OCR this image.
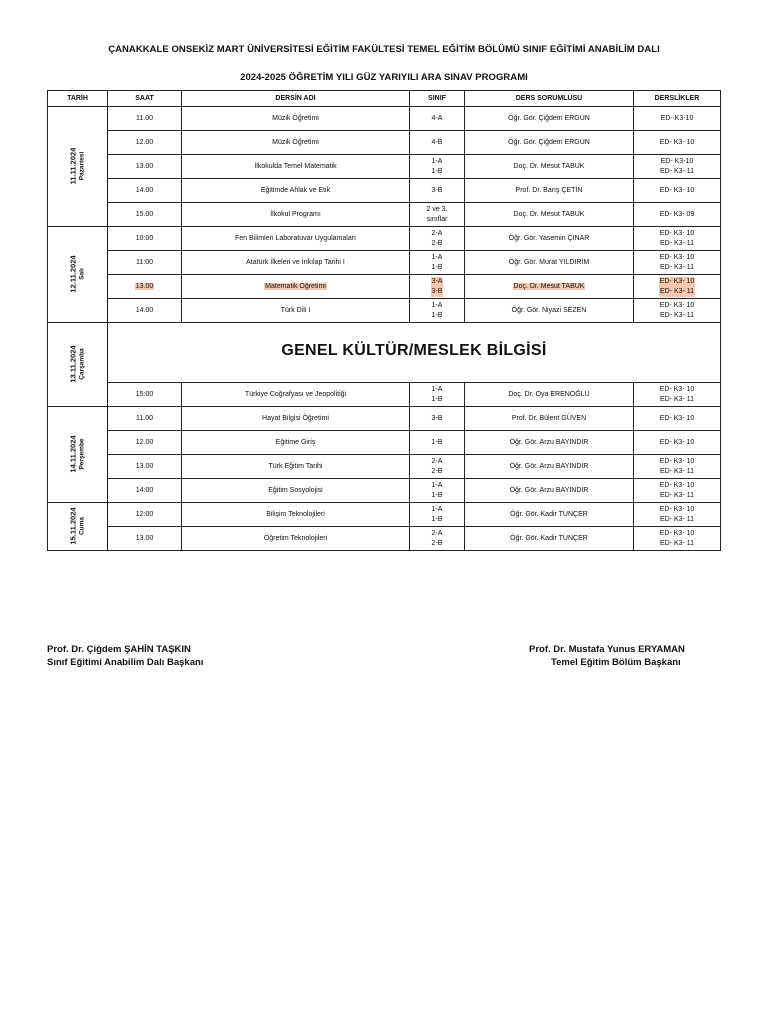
ÇANAKKALE ONSEKİZ MART ÜNİVERSİTESİ EĞİTİM FAKÜLTESİ TEMEL EĞİTİM BÖLÜMÜ SINIF EĞİTİMİ ANABİLİM DALI
2024-2025 ÖĞRETİM YILI GÜZ YARIYILI ARA SINAV PROGRAMI
TARİH	SAAT	DERSİN ADI	SINIF	DERS SORUMLUSU	DERSLİKLER
11.11.2024 Pazartesi	11.00	Müzik Öğretimi	4-A	Öğr. Gör. Çiğdem ERGUN	ED- K3-10

	12.00	Müzik Öğretimi	4-B	Öğr. Gör. Çiğdem ERGUN	ED- K3- 10

	13.00	İlkokulda Temel Matematik	1-A
1-B	Doç. Dr. Mesut TABUK	ED- K3-10
ED- K3- 11

	14.00	Eğitimde Ahlak ve Etik	3-B	Prof. Dr. Barış ÇETİN	ED- K3- 10

	15.00	İlkokul Programı	2 ve 3.
sınıflar	Doç. Dr. Mesut TABUK	ED- K3- 09

12.11.2024 Salı	10:00	Fen Bilimleri Laboratuvar Uygulamaları	2-A
2-B	Öğr. Gör. Yasemin ÇINAR	ED- K3- 10
ED- K3- 11

	11:00	Atatürk İlkeleri ve İnkılap Tarihi I	1-A
1-B	Öğr. Gör. Murat YILDIRIM	ED- K3- 10
ED- K3- 11

	13.00	Matematik Öğretimi	3-A
3-B	Doç. Dr. Mesut TABUK	ED- K3- 10
ED- K3- 11

	14.00	Türk Dili I	1-A
1-B	Öğr. Gör. Niyazi SEZEN	ED- K3- 10
ED- K3- 11

13.11.2024 Çarşamba	GENEL KÜLTÜR/MESLEK BİLGİSİ				
	15:00	Türkiye Coğrafyası ve Jeopolitiği	1-A
1-B	Doç. Dr. Oya ERENOĞLU	ED- K3- 10
ED- K3- 11

14.11.2024 Perşembe	11.00	Hayat Bilgisi Öğretimi	3-B	Prof. Dr. Bülent GÜVEN	ED- K3- 10

	12.00	Eğitime Giriş	1-B	Öğr. Gör. Arzu BAYINDIR	ED- K3- 10

	13.00	Türk Eğitim Tarihi	2-A
2-B	Öğr. Gör. Arzu BAYINDIR	ED- K3- 10
ED- K3- 11

	14:00	Eğitim Sosyolojisi	1-A
1-B	Öğr. Gör. Arzu BAYINDIR	ED- K3- 10
ED- K3- 11

15.11.2024 Cuma	12:00	Bilişim Teknolojileri	1-A
1-B	Öğr. Gör. Kadir TUNÇER	ED- K3- 10
ED- K3- 11

	13.00	Öğretim Teknolojileri	2-A
2-B	Öğr. Gör. Kadir TUNÇER	ED- K3- 10
ED- K3- 11
Prof. Dr. Çiğdem ŞAHİN TAŞKIN
Sınıf Eğitimi Anabilim Dalı Başkanı
Prof. Dr. Mustafa Yunus ERYAMAN
Temel Eğitim Bölüm Başkanı
